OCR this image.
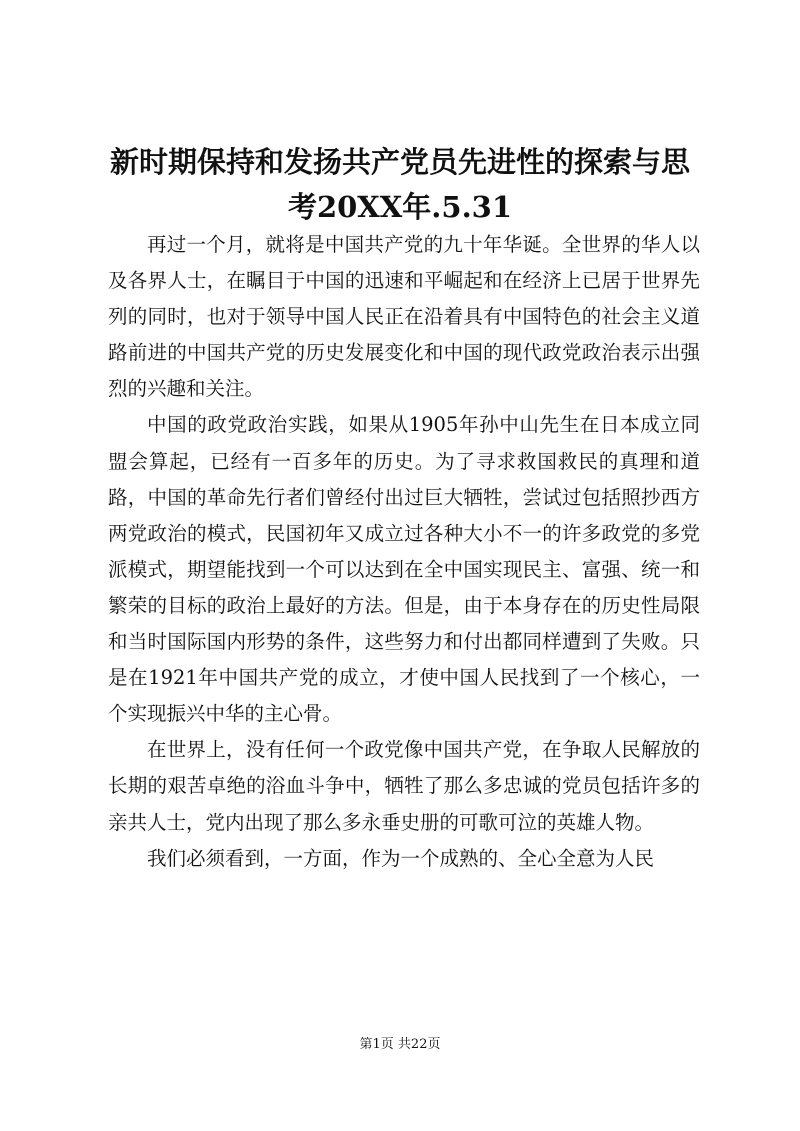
新时期保持和发扬共产党员先进性的探索与思考20XX年.5.31

再过一个月，就将是中国共产党的九十年华诞。全世界的华人以及各界人士，在瞩目于中国的迅速和平崛起和在经济上已居于世界先列的同时，也对于领导中国人民正在沿着具有中国特色的社会主义道路前进的中国共产党的历史发展变化和中国的现代政党政治表示出强烈的兴趣和关注。

中国的政党政治实践，如果从1905年孙中山先生在日本成立同盟会算起，已经有一百多年的历史。为了寻求救国救民的真理和道路，中国的革命先行者们曾经付出过巨大牺牲，尝试过包括照抄西方两党政治的模式，民国初年又成立过各种大小不一的许多政党的多党派模式，期望能找到一个可以达到在全中国实现民主、富强、统一和繁荣的目标的政治上最好的方法。但是，由于本身存在的历史性局限和当时国际国内形势的条件，这些努力和付出都同样遭到了失败。只是在1921年中国共产党的成立，才使中国人民找到了一个核心，一个实现振兴中华的主心骨。

在世界上，没有任何一个政党像中国共产党，在争取人民解放的长期的艰苦卓绝的浴血斗争中，牺牲了那么多忠诚的党员包括许多的亲共人士，党内出现了那么多永垂史册的可歌可泣的英雄人物。

我们必须看到，一方面，作为一个成熟的、全心全意为人民

第1页 共22页
